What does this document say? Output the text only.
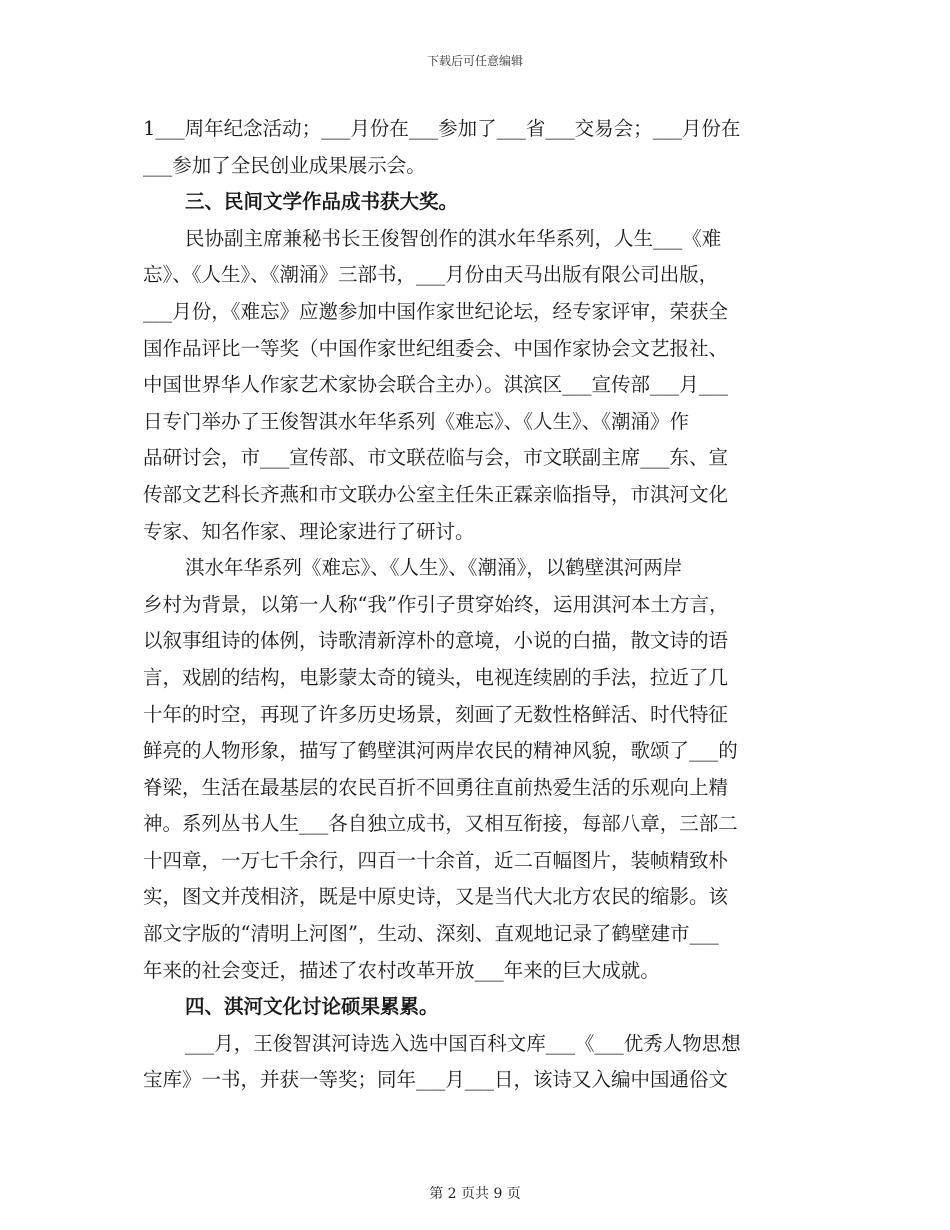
下载后可任意编辑
1___周年纪念活动；___月份在___参加了___省___交易会；___月份在
___参加了全民创业成果展示会。
三、民间文学作品成书获大奖。
民协副主席兼秘书长王俊智创作的淇水年华系列，人生___《难
忘》、《人生》、《潮涌》三部书，___月份由天马出版有限公司出版，
___月份，《难忘》应邀参加中国作家世纪论坛，经专家评审，荣获全
国作品评比一等奖（中国作家世纪组委会、中国作家协会文艺报社、
中国世界华人作家艺术家协会联合主办）。淇滨区___宣传部___月___
日专门举办了王俊智淇水年华系列《难忘》、《人生》、《潮涌》作
品研讨会，市___宣传部、市文联莅临与会，市文联副主席___东、宣
传部文艺科长齐燕和市文联办公室主任朱正霖亲临指导，市淇河文化
专家、知名作家、理论家进行了研讨。
淇水年华系列《难忘》、《人生》、《潮涌》，以鹤壁淇河两岸
乡村为背景，以第一人称“我”作引子贯穿始终，运用淇河本土方言，
以叙事组诗的体例，诗歌清新淳朴的意境，小说的白描，散文诗的语
言，戏剧的结构，电影蒙太奇的镜头，电视连续剧的手法，拉近了几
十年的时空，再现了许多历史场景，刻画了无数性格鲜活、时代特征
鲜亮的人物形象，描写了鹤壁淇河两岸农民的精神风貌，歌颂了___的
脊梁，生活在最基层的农民百折不回勇往直前热爱生活的乐观向上精
神。系列丛书人生___各自独立成书，又相互衔接，每部八章，三部二
十四章，一万七千余行，四百一十余首，近二百幅图片，装帧精致朴
实，图文并茂相济，既是中原史诗，又是当代大北方农民的缩影。该
部文字版的“清明上河图”，生动、深刻、直观地记录了鹤壁建市___
年来的社会变迁，描述了农村改革开放___年来的巨大成就。
四、淇河文化讨论硕果累累。
___月，王俊智淇河诗选入选中国百科文库___《___优秀人物思想
宝库》一书，并获一等奖；同年___月___日，该诗又入编中国通俗文
第 2 页共 9 页
